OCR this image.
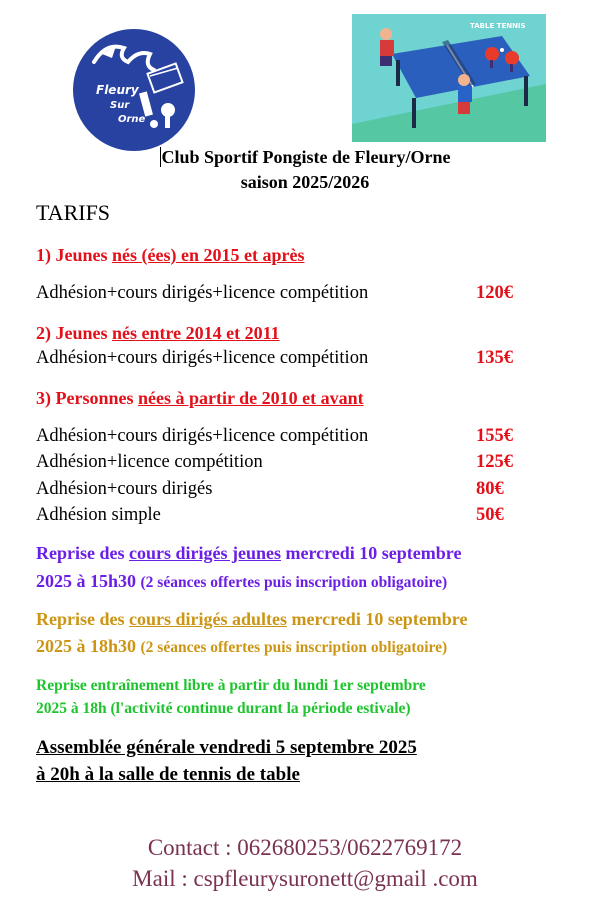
Fleury
Sur
Orne
TABLE TENNIS
Club Sportif Pongiste de Fleury/Orne
saison 2025/2026
TARIFS
1) Jeunes nés (ées) en 2015 et après
Adhésion+cours dirigés+licence compétition	120€
2) Jeunes nés entre 2014 et 2011
Adhésion+cours dirigés+licence compétition	135€
3) Personnes nées à partir de 2010 et avant
Adhésion+cours dirigés+licence compétition	155€
Adhésion+licence compétition	125€
Adhésion+cours dirigés	80€
Adhésion simple	50€
Reprise des cours dirigés jeunes mercredi 10 septembre
2025 à 15h30 (2 séances offertes puis inscription obligatoire)
Reprise des cours dirigés adultes mercredi 10 septembre
2025 à 18h30 (2 séances offertes puis inscription obligatoire)
Reprise entraînement libre à partir du lundi 1er septembre
2025 à 18h (l'activité continue durant la période estivale)
Assemblée générale vendredi 5 septembre 2025
à 20h à la salle de tennis de table
Contact : 062680253/0622769172
Mail : cspfleurysuronett@gmail .com
